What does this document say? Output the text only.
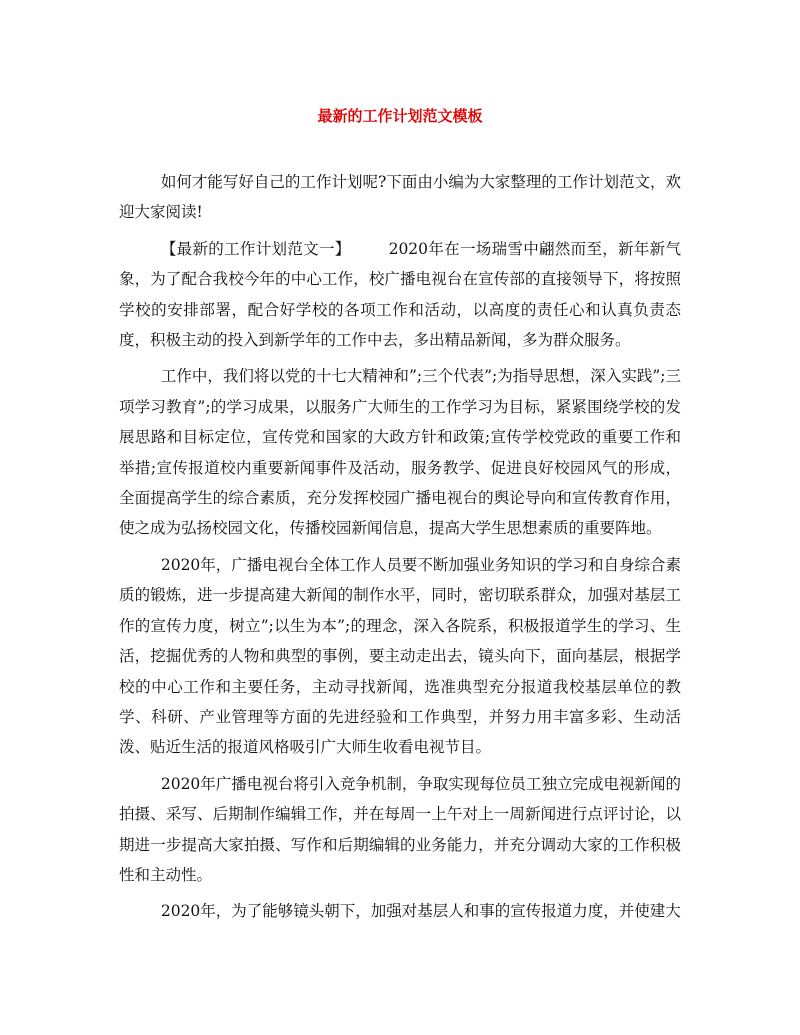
最新的工作计划范文模板

如何才能写好自己的工作计划呢?下面由小编为大家整理的工作计划范文，欢迎大家阅读!

【最新的工作计划范文一】 2020年在一场瑞雪中翩然而至，新年新气象，为了配合我校今年的中心工作，校广播电视台在宣传部的直接领导下，将按照学校的安排部署，配合好学校的各项工作和活动，以高度的责任心和认真负责态度，积极主动的投入到新学年的工作中去，多出精品新闻，多为群众服务。

工作中，我们将以党的十七大精神和”;三个代表”;为指导思想，深入实践”;三项学习教育”;的学习成果，以服务广大师生的工作学习为目标，紧紧围绕学校的发展思路和目标定位，宣传党和国家的大政方针和政策;宣传学校党政的重要工作和举措;宣传报道校内重要新闻事件及活动，服务教学、促进良好校园风气的形成，全面提高学生的综合素质，充分发挥校园广播电视台的舆论导向和宣传教育作用，使之成为弘扬校园文化，传播校园新闻信息，提高大学生思想素质的重要阵地。

2020年，广播电视台全体工作人员要不断加强业务知识的学习和自身综合素质的锻炼，进一步提高建大新闻的制作水平，同时，密切联系群众，加强对基层工作的宣传力度，树立”;以生为本”;的理念，深入各院系，积极报道学生的学习、生活，挖掘优秀的人物和典型的事例，要主动走出去，镜头向下，面向基层，根据学校的中心工作和主要任务，主动寻找新闻，选准典型充分报道我校基层单位的教学、科研、产业管理等方面的先进经验和工作典型，并努力用丰富多彩、生动活泼、贴近生活的报道风格吸引广大师生收看电视节目。

2020年广播电视台将引入竞争机制，争取实现每位员工独立完成电视新闻的拍摄、采写、后期制作编辑工作，并在每周一上午对上一周新闻进行点评讨论，以期进一步提高大家拍摄、写作和后期编辑的业务能力，并充分调动大家的工作积极性和主动性。

2020年，为了能够镜头朝下，加强对基层人和事的宣传报道力度，并使建大
